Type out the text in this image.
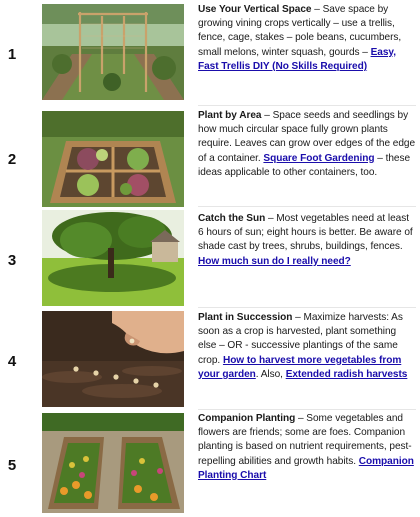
1
Use Your Vertical Space – Save space by growing vining crops vertically – use a trellis, fence, cage, stakes – pole beans, cucumbers, small melons, winter squash, gourds – Easy, Fast Trellis DIY (No Skills Required)
2
Plant by Area – Space seeds and seedlings by how much circular space fully grown plants require. Leaves can grow over edges of the edge of a container. Square Foot Gardening – these ideas applicable to other containers, too.
3
Catch the Sun – Most vegetables need at least 6 hours of sun; eight hours is better. Be aware of shade cast by trees, shrubs, buildings, fences. How much sun do I really need?
4
Plant in Succession – Maximize harvests: As soon as a crop is harvested, plant something else – OR - successive plantings of the same crop. How to harvest more vegetables from your garden. Also, Extended radish harvests
5
Companion Planting – Some vegetables and flowers are friends; some are foes. Companion planting is based on nutrient requirements, pest-repelling abilities and growth habits. Companion Planting Chart
